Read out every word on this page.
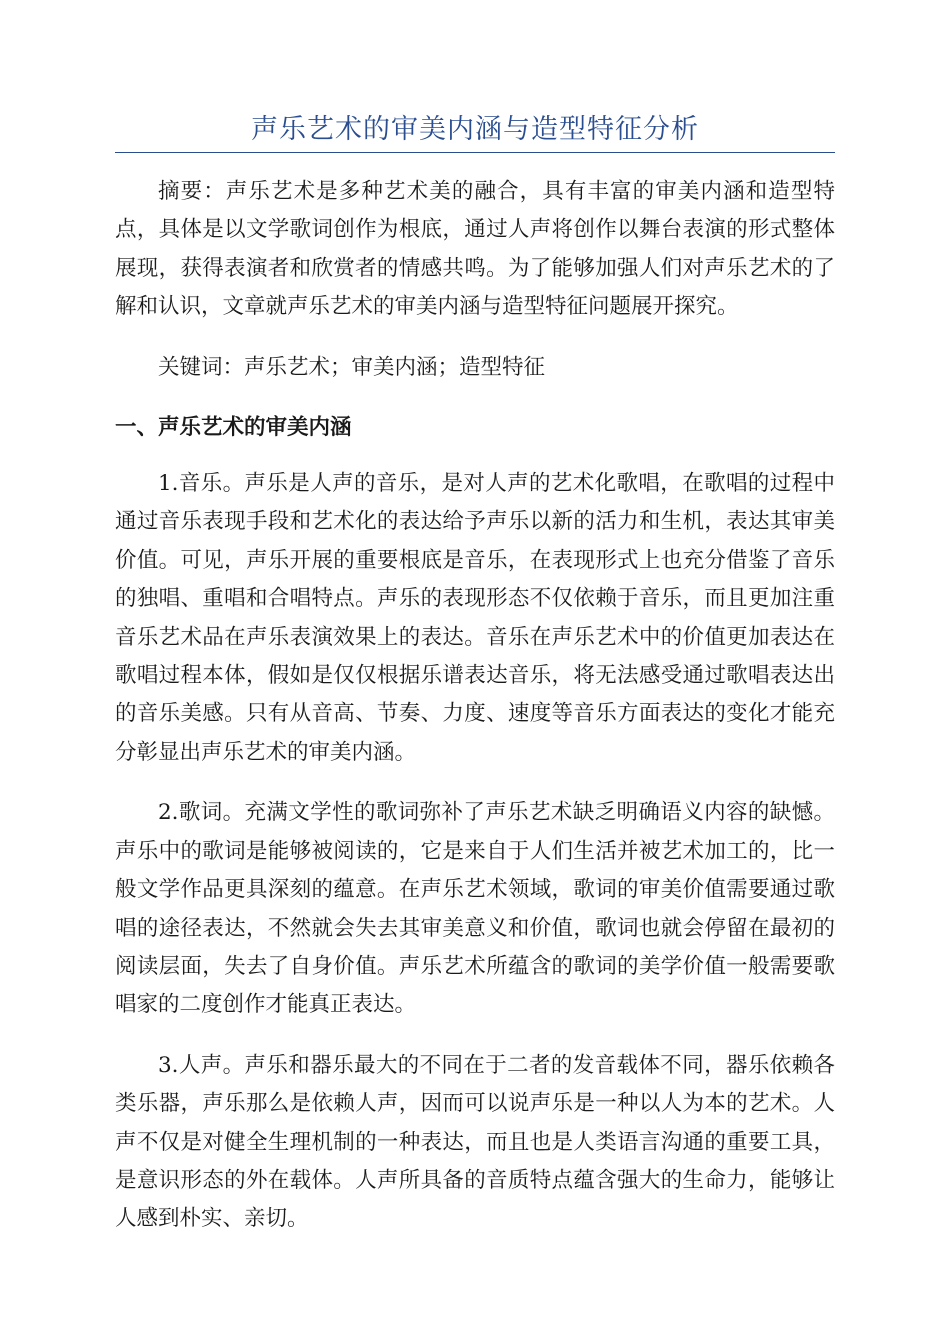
声乐艺术的审美内涵与造型特征分析

摘要：声乐艺术是多种艺术美的融合，具有丰富的审美内涵和造型特点，具体是以文学歌词创作为根底，通过人声将创作以舞台表演的形式整体展现，获得表演者和欣赏者的情感共鸣。为了能够加强人们对声乐艺术的了解和认识，文章就声乐艺术的审美内涵与造型特征问题展开探究。

关键词：声乐艺术；审美内涵；造型特征

一、声乐艺术的审美内涵

1.音乐。声乐是人声的音乐，是对人声的艺术化歌唱，在歌唱的过程中通过音乐表现手段和艺术化的表达给予声乐以新的活力和生机，表达其审美价值。可见，声乐开展的重要根底是音乐，在表现形式上也充分借鉴了音乐的独唱、重唱和合唱特点。声乐的表现形态不仅依赖于音乐，而且更加注重音乐艺术品在声乐表演效果上的表达。音乐在声乐艺术中的价值更加表达在歌唱过程本体，假如是仅仅根据乐谱表达音乐，将无法感受通过歌唱表达出的音乐美感。只有从音高、节奏、力度、速度等音乐方面表达的变化才能充分彰显出声乐艺术的审美内涵。

2.歌词。充满文学性的歌词弥补了声乐艺术缺乏明确语义内容的缺憾。声乐中的歌词是能够被阅读的，它是来自于人们生活并被艺术加工的，比一般文学作品更具深刻的蕴意。在声乐艺术领域，歌词的审美价值需要通过歌唱的途径表达，不然就会失去其审美意义和价值，歌词也就会停留在最初的阅读层面，失去了自身价值。声乐艺术所蕴含的歌词的美学价值一般需要歌唱家的二度创作才能真正表达。

3.人声。声乐和器乐最大的不同在于二者的发音载体不同，器乐依赖各类乐器，声乐那么是依赖人声，因而可以说声乐是一种以人为本的艺术。人声不仅是对健全生理机制的一种表达，而且也是人类语言沟通的重要工具，是意识形态的外在载体。人声所具备的音质特点蕴含强大的生命力，能够让人感到朴实、亲切。
